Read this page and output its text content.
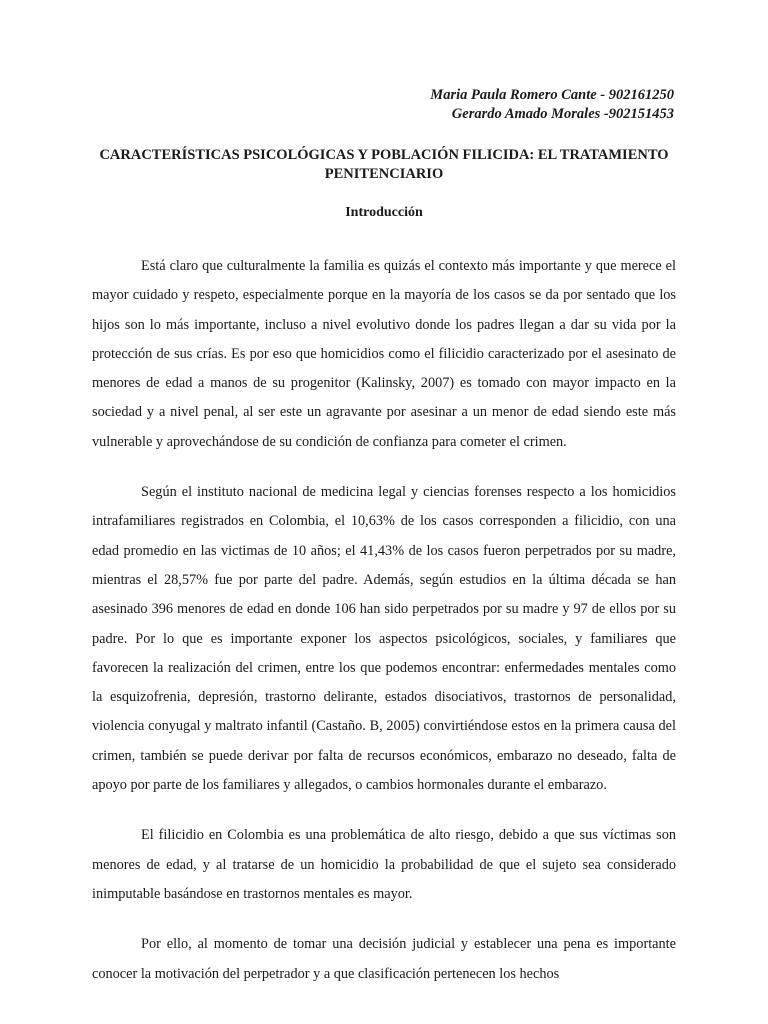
Maria Paula Romero Cante - 902161250
Gerardo Amado Morales -902151453
CARACTERÍSTICAS PSICOLÓGICAS Y POBLACIÓN FILICIDA: EL TRATAMIENTO PENITENCIARIO
Introducción

Está claro que culturalmente la familia es quizás el contexto más importante y que merece el mayor cuidado y respeto, especialmente porque en la mayoría de los casos se da por sentado que los hijos son lo más importante, incluso a nivel evolutivo donde los padres llegan a dar su vida por la protección de sus crías. Es por eso que homicidios como el filicidio caracterizado por el asesinato de menores de edad a manos de su progenitor (Kalinsky, 2007) es tomado con mayor impacto en la sociedad y a nivel penal, al ser este un agravante por asesinar a un menor de edad siendo este más vulnerable y aprovechándose de su condición de confianza para cometer el crimen.

Según el instituto nacional de medicina legal y ciencias forenses respecto a los homicidios intrafamiliares registrados en Colombia, el 10,63% de los casos corresponden a filicidio, con una edad promedio en las victimas de 10 años; el 41,43% de los casos fueron perpetrados por su madre, mientras el 28,57% fue por parte del padre. Además, según estudios en la última década se han asesinado 396 menores de edad en donde 106 han sido perpetrados por su madre y 97 de ellos por su padre. Por lo que es importante exponer los aspectos psicológicos, sociales, y familiares que favorecen la realización del crimen, entre los que podemos encontrar: enfermedades mentales como la esquizofrenia, depresión, trastorno delirante, estados disociativos, trastornos de personalidad, violencia conyugal y maltrato infantil (Castaño. B, 2005) convirtiéndose estos en la primera causa del crimen, también se puede derivar por falta de recursos económicos, embarazo no deseado, falta de apoyo por parte de los familiares y allegados, o cambios hormonales durante el embarazo.

El filicidio en Colombia es una problemática de alto riesgo, debido a que sus víctimas son menores de edad, y al tratarse de un homicidio la probabilidad de que el sujeto sea considerado inimputable basándose en trastornos mentales es mayor.

Por ello, al momento de tomar una decisión judicial y establecer una pena es importante conocer la motivación del perpetrador y a que clasificación pertenecen los hechos
